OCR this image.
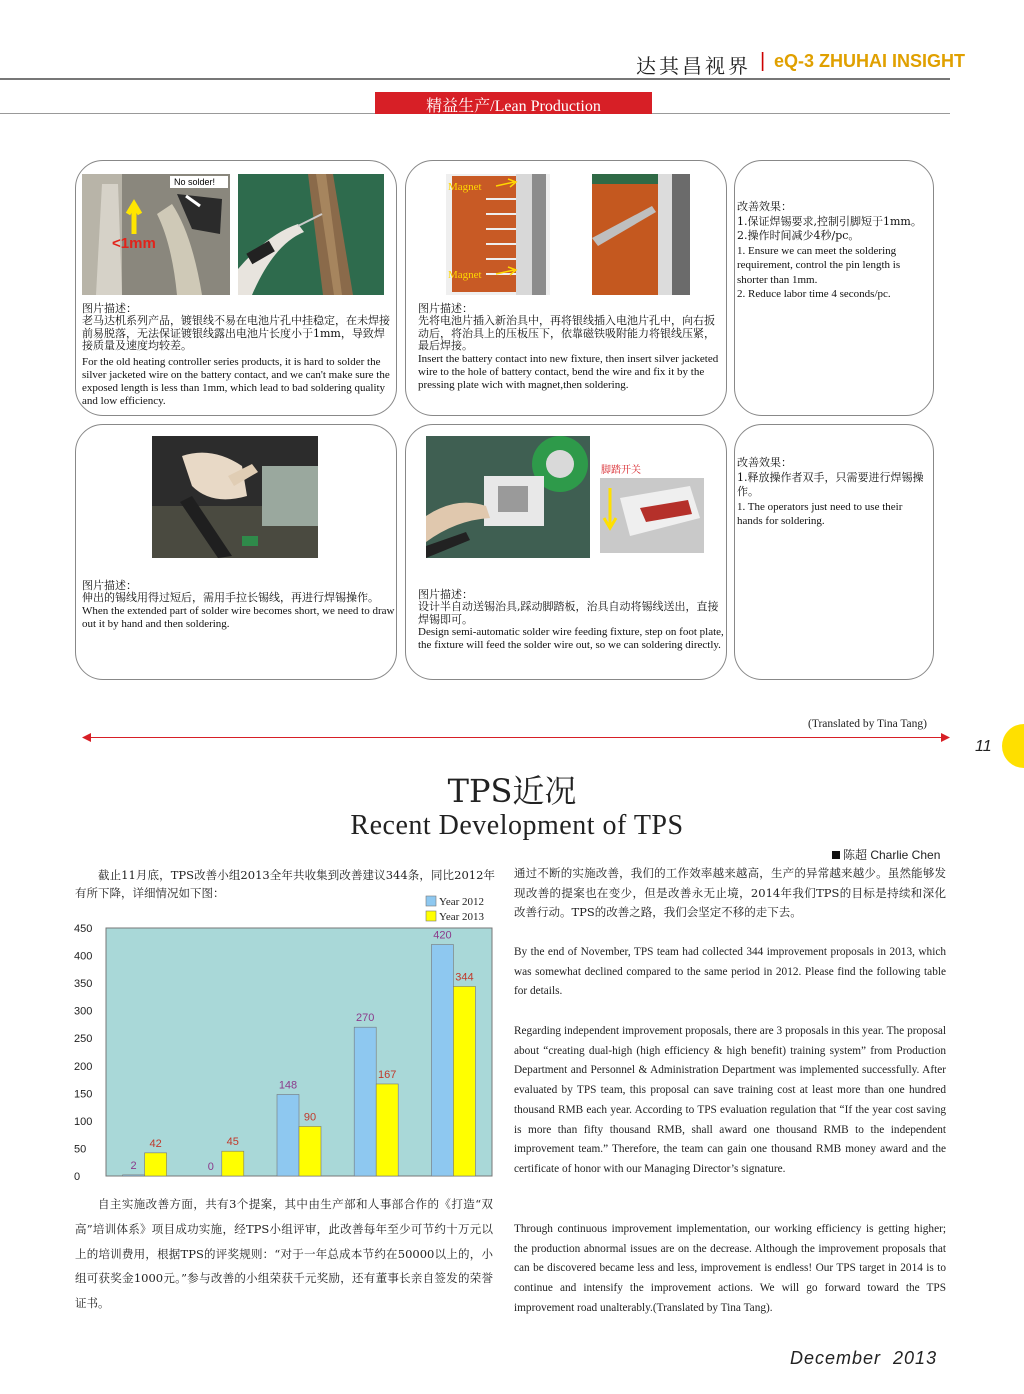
达其昌视界 | eQ-3 ZHUHAI INSIGHT
精益生产/Lean Production
No solder!
<1mm
图片描述：
老马达机系列产品，镀银线不易在电池片孔中挂稳定，在未焊接前易脱落，无法保证镀银线露出电池片长度小于1mm，导致焊接质量及速度均较差。
For the old heating controller series products, it is hard to solder the silver jacketed wire on the battery contact, and we can't make sure the exposed length is less than 1mm, which lead to bad soldering quality and low efficiency.
Magnet
Magnet
图片描述：
先将电池片插入新治具中，再将银线插入电池片孔中，向右扳动后，将治具上的压板压下，依靠磁铁吸附能力将银线压紧，最后焊接。
Insert the battery contact into new fixture, then insert silver jacketed wire to the hole of battery contact, bend the wire and fix it by the pressing plate wich with magnet,then soldering.
改善效果：
1.保证焊锡要求,控制引脚短于1mm。
2.操作时间减少4秒/pc。
1. Ensure we can meet the soldering requirement, control the pin length is shorter than 1mm.
2. Reduce labor time 4 seconds/pc.
图片描述：
伸出的锡线用得过短后，需用手拉长锡线，再进行焊锡操作。
When the extended part of solder wire becomes short, we need to draw out it by hand and then soldering.
脚踏开关
图片描述：
设计半自动送锡治具,踩动脚踏板，治具自动将锡线送出，直接焊锡即可。
Design semi-automatic solder wire feeding fixture, step on foot plate, the fixture will feed the solder wire out, so we can soldering directly.
改善效果：
1.释放操作者双手，只需要进行焊锡操作。
1. The operators just need to use their hands for soldering.
(Translated by Tina Tang)
11
TPS近况
Recent Development of TPS
陈超 Charlie Chen
截止11月底，TPS改善小组2013全年共收集到改善建议344条，同比2012年有所下降，详细情况如下图：
0
50
100
150
200
250
300
350
400
450
2	0
148
270
420
42	45
90
167
344
Year 2012
Year 2013
自主实施改善方面，共有3个提案，其中由生产部和人事部合作的《打造“双高”培训体系》项目成功实施，经TPS小组评审，此改善每年至少可节约十万元以上的培训费用，根据TPS的评奖规则：“对于一年总成本节约在50000以上的，小组可获奖金1000元。”参与改善的小组荣获千元奖励，还有董事长亲自签发的荣誉证书。
通过不断的实施改善，我们的工作效率越来越高，生产的异常越来越少。虽然能够发现改善的提案也在变少，但是改善永无止境，2014年我们TPS的目标是持续和深化改善行动。TPS的改善之路，我们会坚定不移的走下去。
By the end of November, TPS team had collected 344 improvement proposals in 2013, which was somewhat declined compared to the same period in 2012. Please find the following table for details.
Regarding independent improvement proposals, there are 3 proposals in this year. The proposal about “creating dual-high (high efficiency & high benefit) training system” from Production Department and Personnel & Administration Department was implemented successfully. After evaluated by TPS team, this proposal can save training cost at least more than one hundred thousand RMB each year. According to TPS evaluation regulation that “If the year cost saving is more than fifty thousand RMB, shall award one thousand RMB to the independent improvement team.” Therefore, the team can gain one thousand RMB money award and the certificate of honor with our Managing Director’s signature.
Through continuous improvement implementation, our working efficiency is getting higher; the production abnormal issues are on the decrease. Although the improvement proposals that can be discovered became less and less, improvement is endless! Our TPS target in 2014 is to continue and intensify the improvement actions. We will go forward toward the TPS improvement road unalterably.(Translated by Tina Tang).
December  2013
